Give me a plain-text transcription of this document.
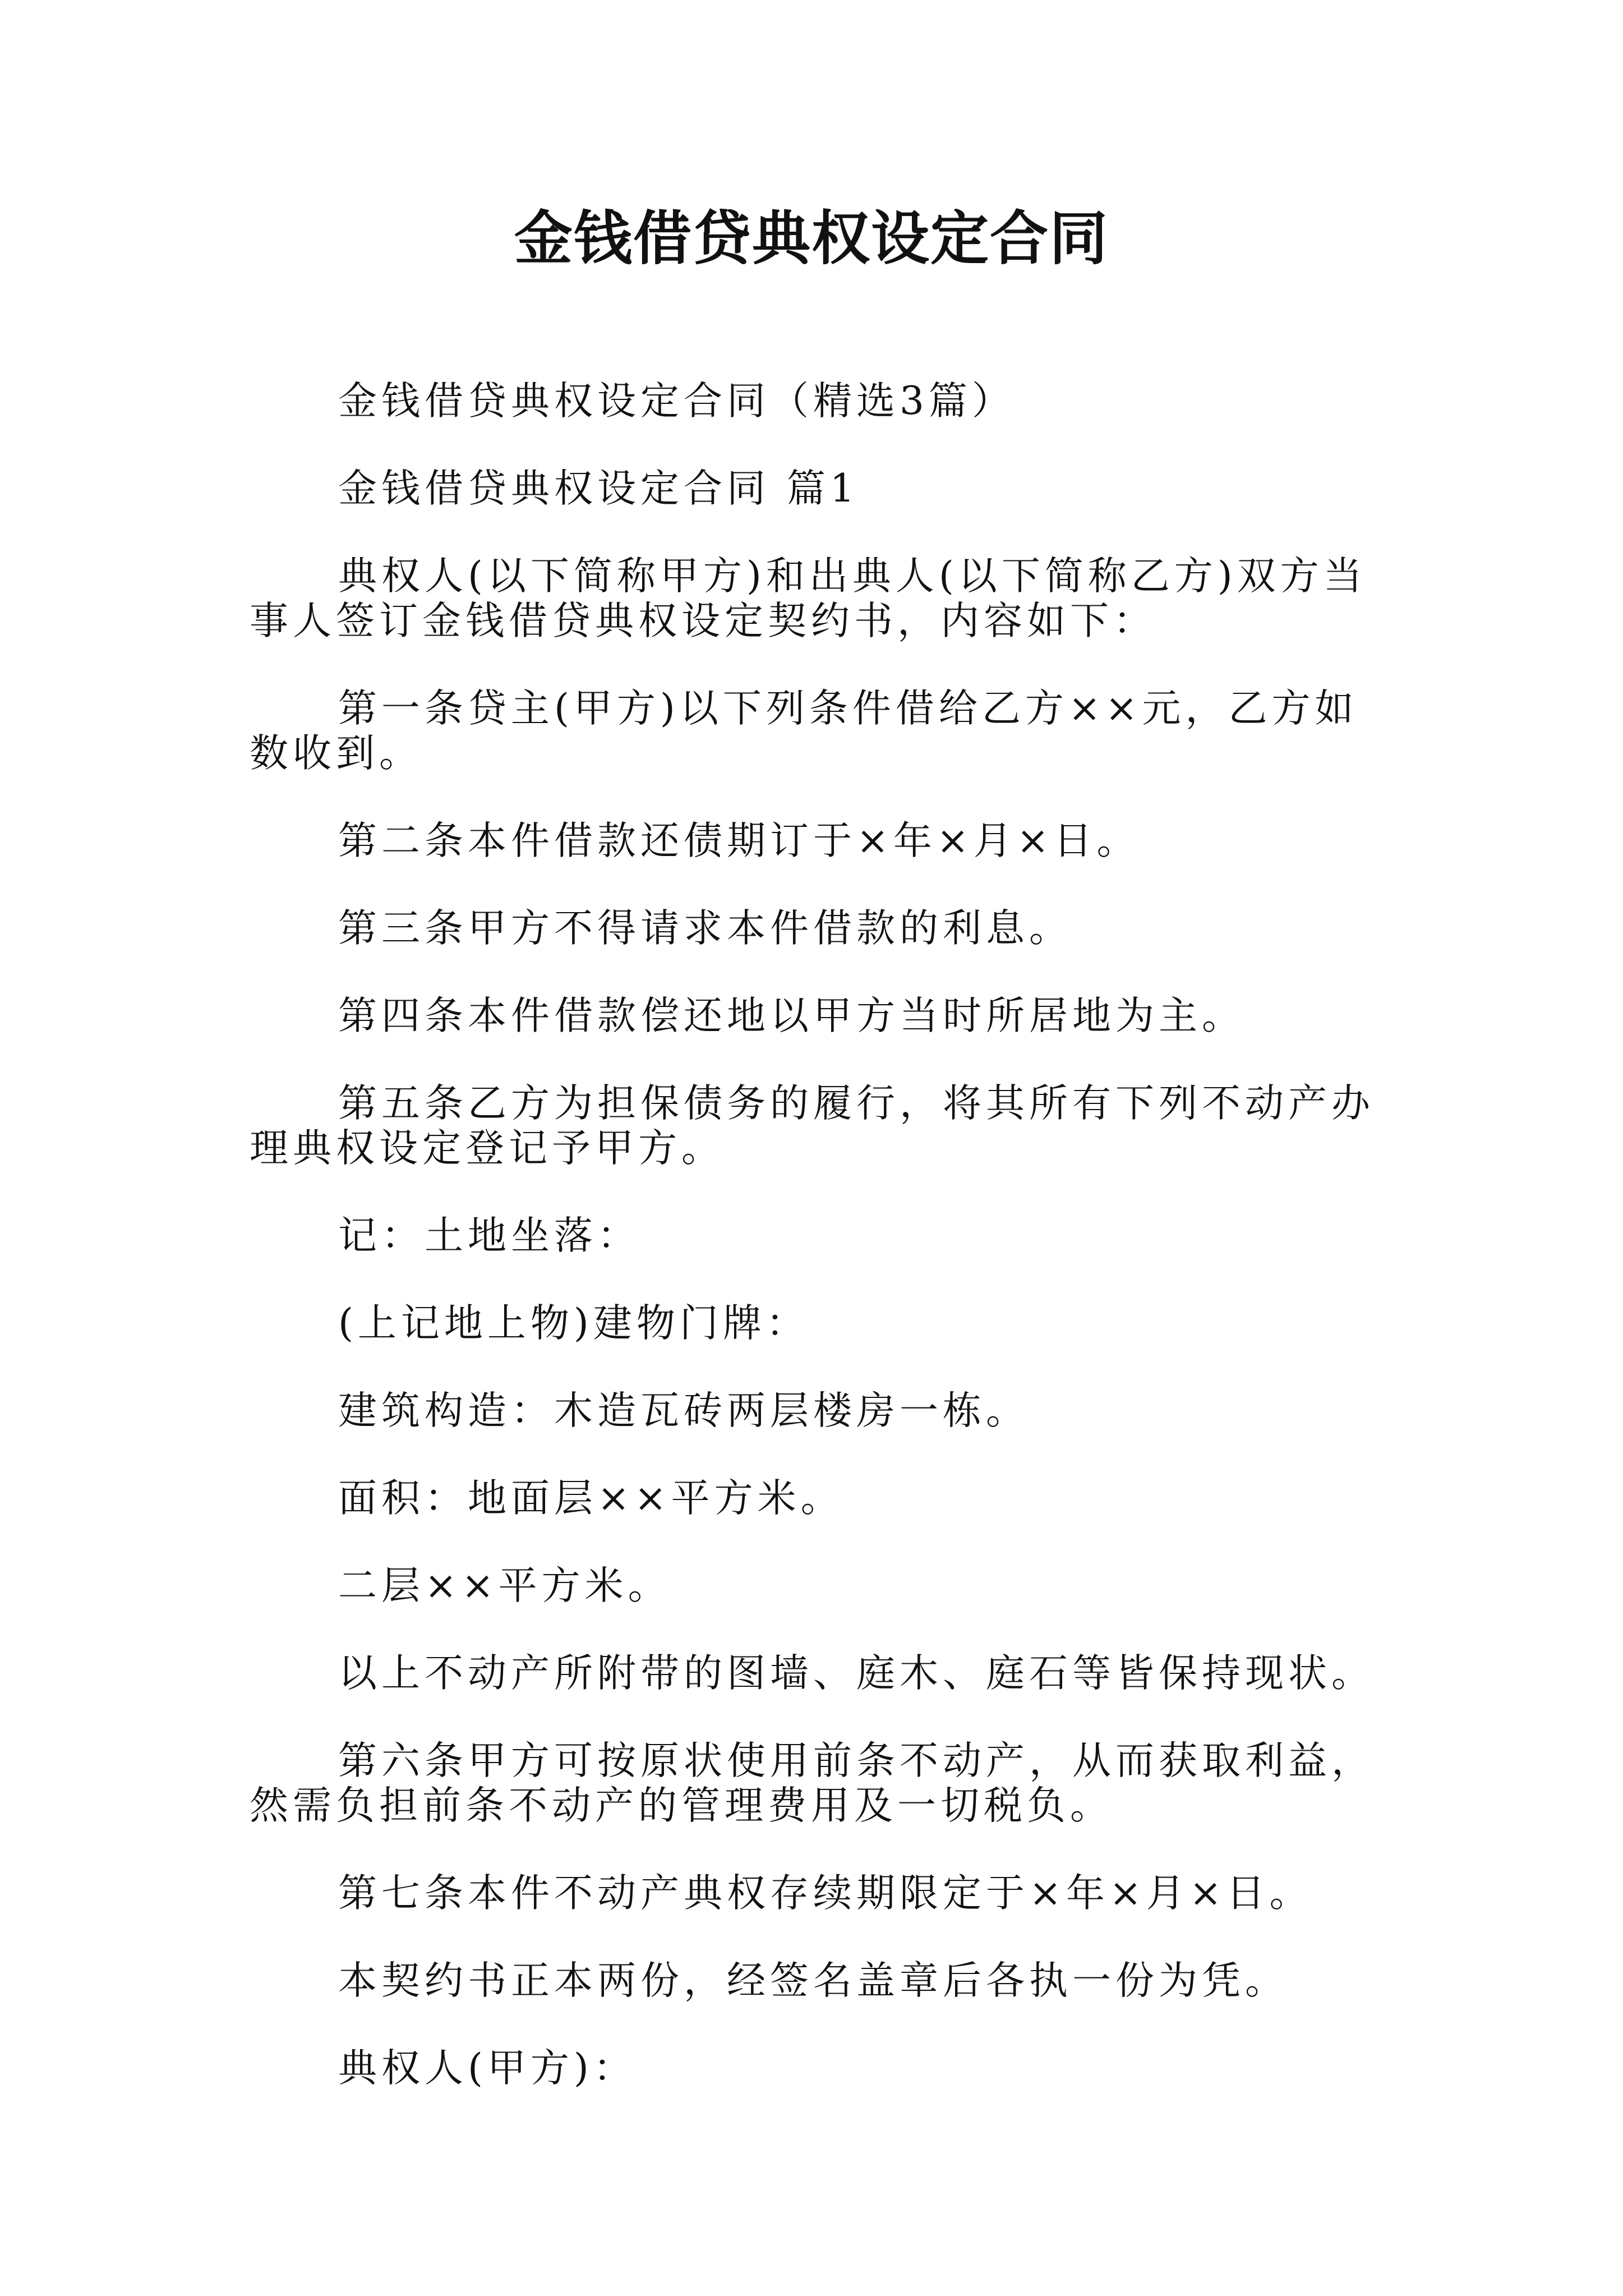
金钱借贷典权设定合同

金钱借贷典权设定合同（精选3篇）

金钱借贷典权设定合同 篇1

典权人(以下简称甲方)和出典人(以下简称乙方)双方当事人签订金钱借贷典权设定契约书，内容如下：

第一条贷主(甲方)以下列条件借给乙方××元，乙方如数收到。

第二条本件借款还债期订于×年×月×日。

第三条甲方不得请求本件借款的利息。

第四条本件借款偿还地以甲方当时所居地为主。

第五条乙方为担保债务的履行，将其所有下列不动产办理典权设定登记予甲方。

记：土地坐落：

(上记地上物)建物门牌：

建筑构造：木造瓦砖两层楼房一栋。

面积：地面层××平方米。

二层××平方米。

以上不动产所附带的图墙、庭木、庭石等皆保持现状。

第六条甲方可按原状使用前条不动产，从而获取利益，然需负担前条不动产的管理费用及一切税负。

第七条本件不动产典权存续期限定于×年×月×日。

本契约书正本两份，经签名盖章后各执一份为凭。

典权人(甲方)：
